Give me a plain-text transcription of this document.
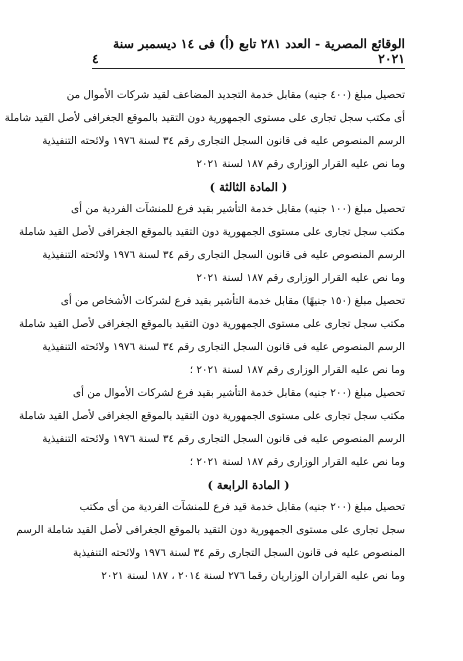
الوقائع المصرية - العدد ٢٨١ تابع (أ) فى ١٤ ديسمبر سنة ٢٠٢١
٤
تحصيل مبلغ (٤٠٠ جنيه) مقابل خدمة التجديد المضاعف لقيد شركات الأموال من
أى مكتب سجل تجارى على مستوى الجمهورية دون التقيد بالموقع الجغرافى لأصل القيد شاملة
الرسم المنصوص عليه فى قانون السجل التجارى رقم ٣٤ لسنة ١٩٧٦ ولائحته التنفيذية
وما نص عليه القرار الوزارى رقم ١٨٧ لسنة ٢٠٢١
( المادة الثالثة )
تحصيل مبلغ (١٠٠ جنيه) مقابل خدمة التأشير بقيد فرع للمنشآت الفردية من أى
مكتب سجل تجارى على مستوى الجمهورية دون التقيد بالموقع الجغرافى لأصل القيد شاملة
الرسم المنصوص عليه فى قانون السجل التجارى رقم ٣٤ لسنة ١٩٧٦ ولائحته التنفيذية
وما نص عليه القرار الوزارى رقم ١٨٧ لسنة ٢٠٢١
تحصيل مبلغ (١٥٠ جنيهًا) مقابل خدمة التأشير بقيد فرع لشركات الأشخاص من أى
مكتب سجل تجارى على مستوى الجمهورية دون التقيد بالموقع الجغرافى لأصل القيد شاملة
الرسم المنصوص عليه فى قانون السجل التجارى رقم ٣٤ لسنة ١٩٧٦ ولائحته التنفيذية
وما نص عليه القرار الوزارى رقم ١٨٧ لسنة ٢٠٢١ ؛
تحصيل مبلغ (٢٠٠ جنيه) مقابل خدمة التأشير بقيد فرع لشركات الأموال من أى
مكتب سجل تجارى على مستوى الجمهورية دون التقيد بالموقع الجغرافى لأصل القيد شاملة
الرسم المنصوص عليه فى قانون السجل التجارى رقم ٣٤ لسنة ١٩٧٦ ولائحته التنفيذية
وما نص عليه القرار الوزارى رقم ١٨٧ لسنة ٢٠٢١ ؛
( المادة الرابعة )
تحصيل مبلغ (٢٠٠ جنيه) مقابل خدمة قيد فرع للمنشآت الفردية من أى مكتب
سجل تجارى على مستوى الجمهورية دون التقيد بالموقع الجغرافى لأصل القيد شاملة الرسم
المنصوص عليه فى قانون السجل التجارى رقم ٣٤ لسنة ١٩٧٦ ولائحته التنفيذية
وما نص عليه القراران الوزاريان رقما ٢٧٦ لسنة ٢٠١٤ ، ١٨٧ لسنة ٢٠٢١
